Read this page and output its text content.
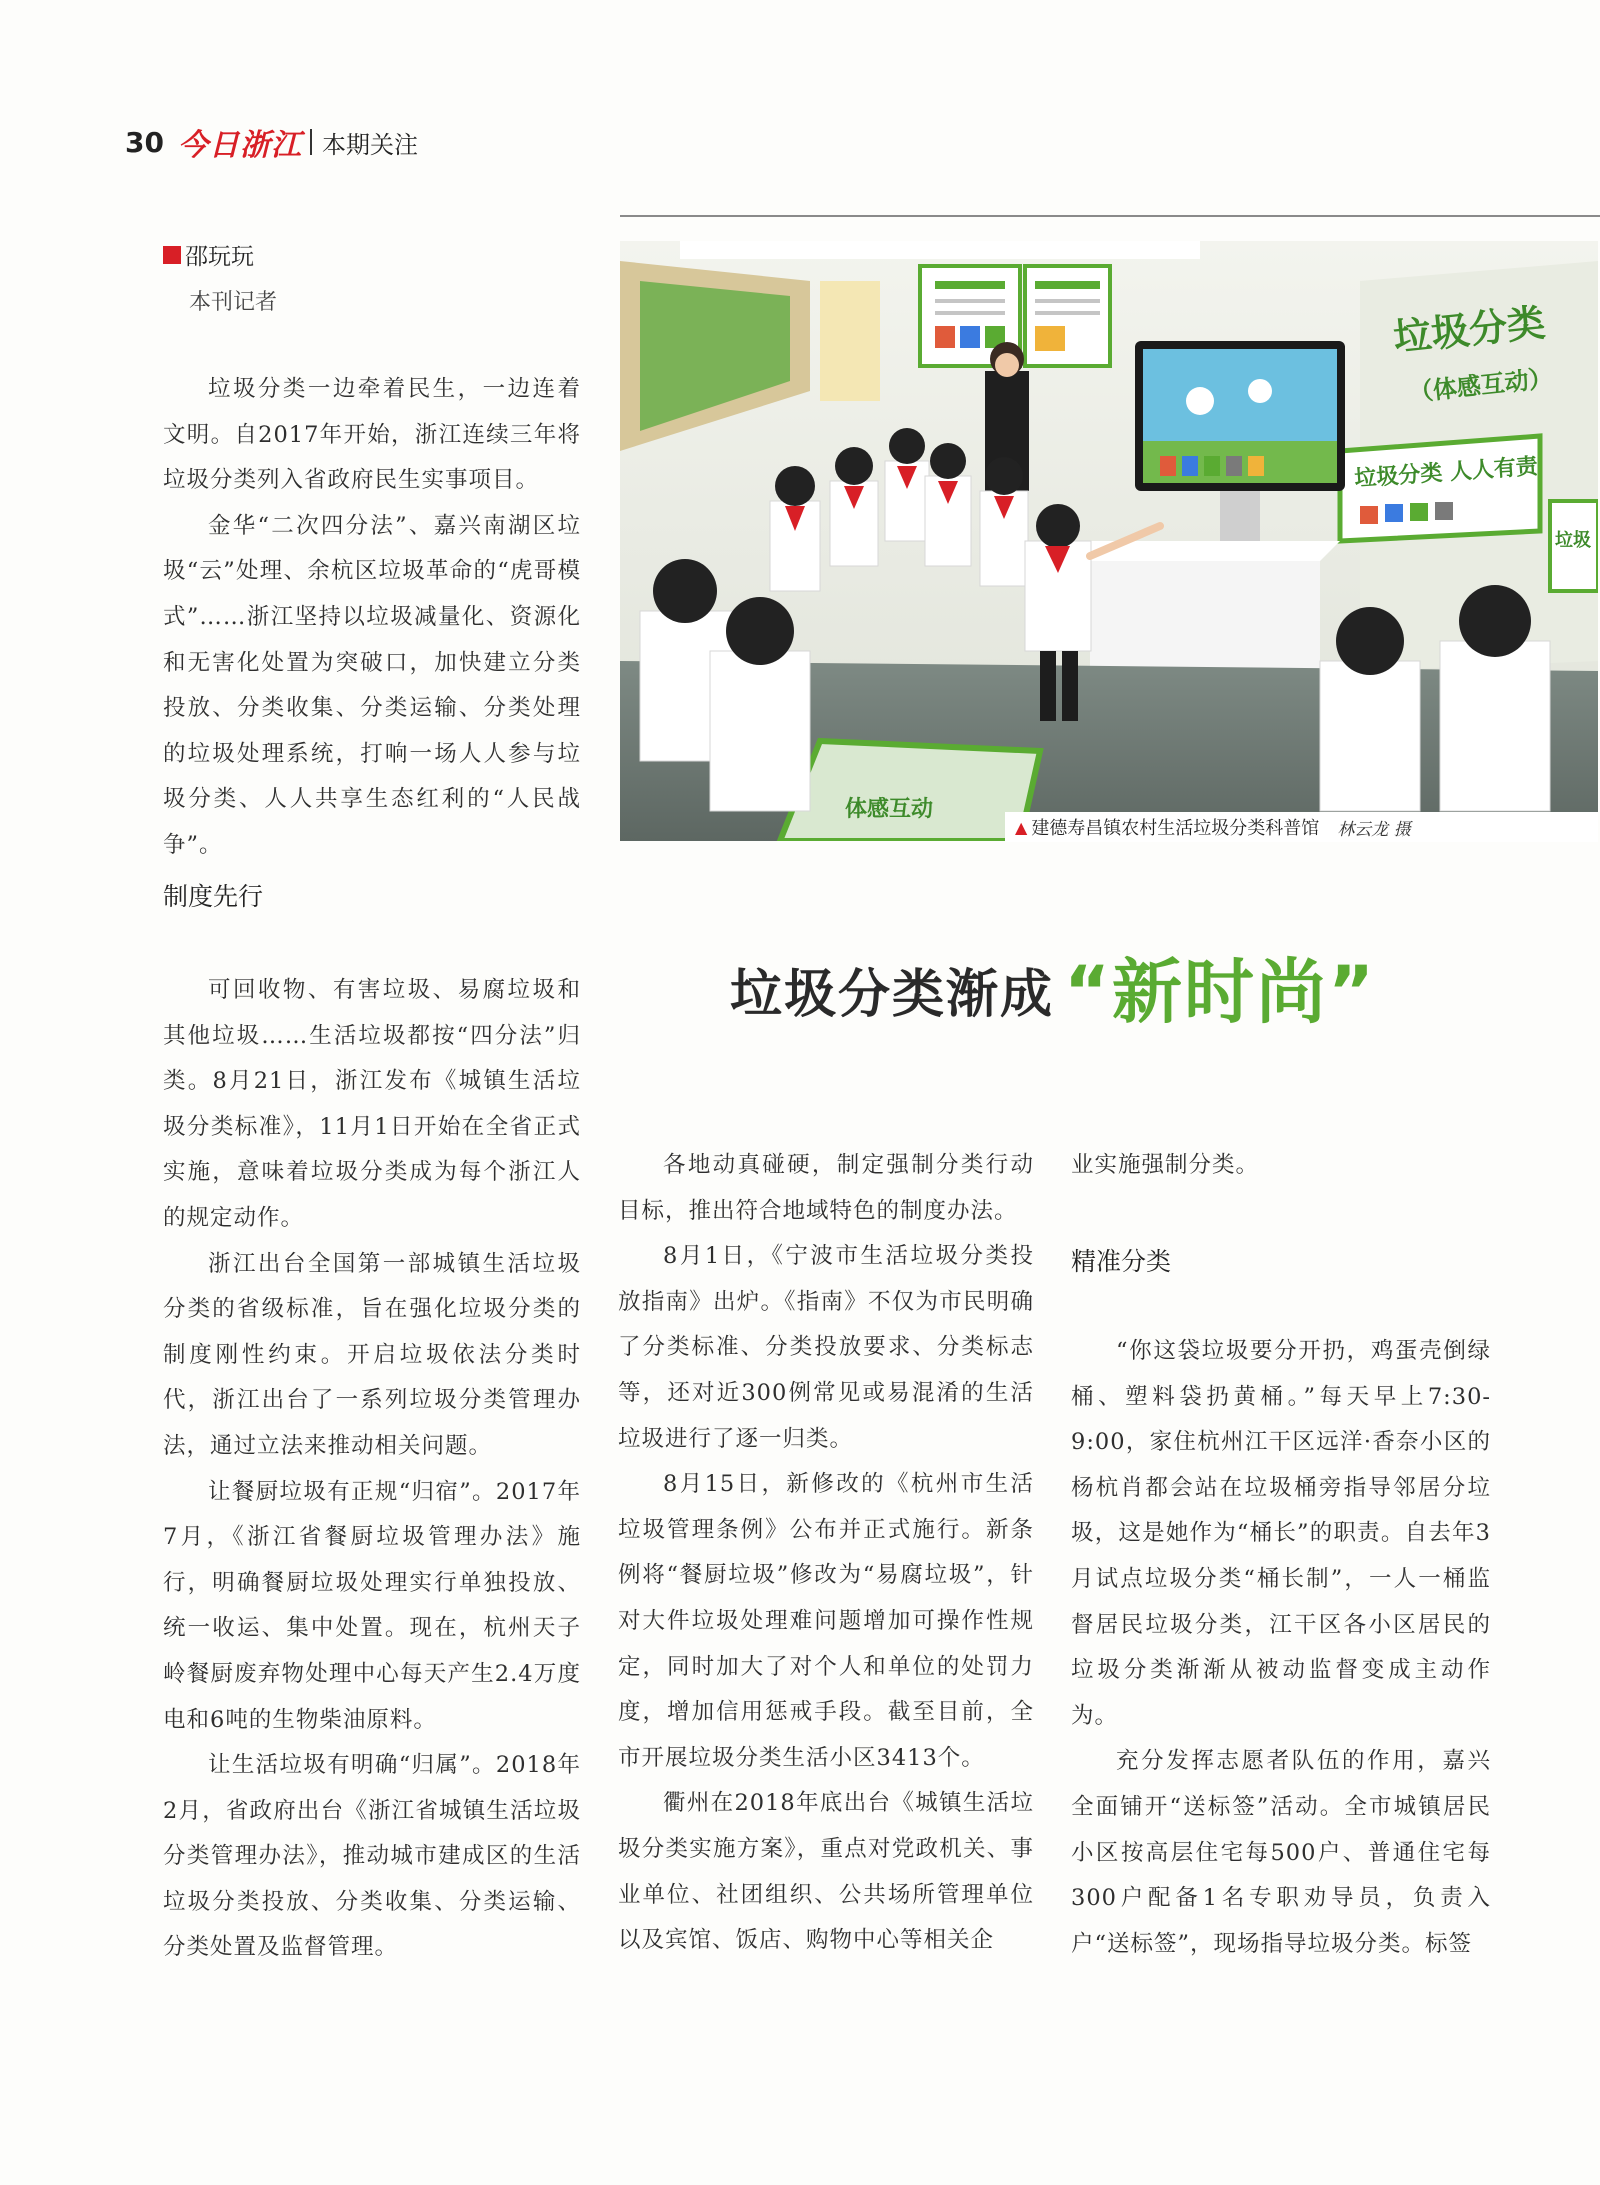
30 今日浙江 本期关注
邵玩玩
本刊记者

垃圾分类一边牵着民生，一边连着文明。自2017年开始，浙江连续三年将垃圾分类列入省政府民生实事项目。

金华“二次四分法”、嘉兴南湖区垃圾“云”处理、余杭区垃圾革命的“虎哥模式”……浙江坚持以垃圾减量化、资源化和无害化处置为突破口，加快建立分类投放、分类收集、分类运输、分类处理的垃圾处理系统，打响一场人人参与垃圾分类、人人共享生态红利的“人民战争”。

制度先行

可回收物、有害垃圾、易腐垃圾和其他垃圾……生活垃圾都按“四分法”归类。8月21日，浙江发布《城镇生活垃圾分类标准》，11月1日开始在全省正式实施，意味着垃圾分类成为每个浙江人的规定动作。

浙江出台全国第一部城镇生活垃圾分类的省级标准，旨在强化垃圾分类的制度刚性约束。开启垃圾依法分类时代，浙江出台了一系列垃圾分类管理办法，通过立法来推动相关问题。

让餐厨垃圾有正规“归宿”。2017年7月，《浙江省餐厨垃圾管理办法》施行，明确餐厨垃圾处理实行单独投放、统一收运、集中处置。现在，杭州天子岭餐厨废弃物处理中心每天产生2.4万度电和6吨的生物柴油原料。

让生活垃圾有明确“归属”。2018年2月，省政府出台《浙江省城镇生活垃圾分类管理办法》，推动城市建成区的生活垃圾分类投放、分类收集、分类运输、分类处置及监督管理。

垃圾分类
（体感互动）
垃圾分类 人人有责
垃圾
体感互动
▲ 建德寿昌镇农村生活垃圾分类科普馆 林云龙 摄
垃圾分类渐成 “新时尚”

各地动真碰硬，制定强制分类行动目标，推出符合地域特色的制度办法。

8月1日，《宁波市生活垃圾分类投放指南》出炉。《指南》不仅为市民明确了分类标准、分类投放要求、分类标志等，还对近300例常见或易混淆的生活垃圾进行了逐一归类。

8月15日，新修改的《杭州市生活垃圾管理条例》公布并正式施行。新条例将“餐厨垃圾”修改为“易腐垃圾”，针对大件垃圾处理难问题增加可操作性规定，同时加大了对个人和单位的处罚力度，增加信用惩戒手段。截至目前，全市开展垃圾分类生活小区3413个。

衢州在2018年底出台《城镇生活垃圾分类实施方案》，重点对党政机关、事业单位、社团组织、公共场所管理单位以及宾馆、饭店、购物中心等相关企

业实施强制分类。

精准分类

“你这袋垃圾要分开扔，鸡蛋壳倒绿桶、塑料袋扔黄桶。”每天早上7:30-9:00，家住杭州江干区远洋·香奈小区的杨杭肖都会站在垃圾桶旁指导邻居分垃圾，这是她作为“桶长”的职责。自去年3月试点垃圾分类“桶长制”，一人一桶监督居民垃圾分类，江干区各小区居民的垃圾分类渐渐从被动监督变成主动作为。

充分发挥志愿者队伍的作用，嘉兴全面铺开“送标签”活动。全市城镇居民小区按高层住宅每500户、普通住宅每300户配备1名专职劝导员，负责入户“送标签”，现场指导垃圾分类。标签
